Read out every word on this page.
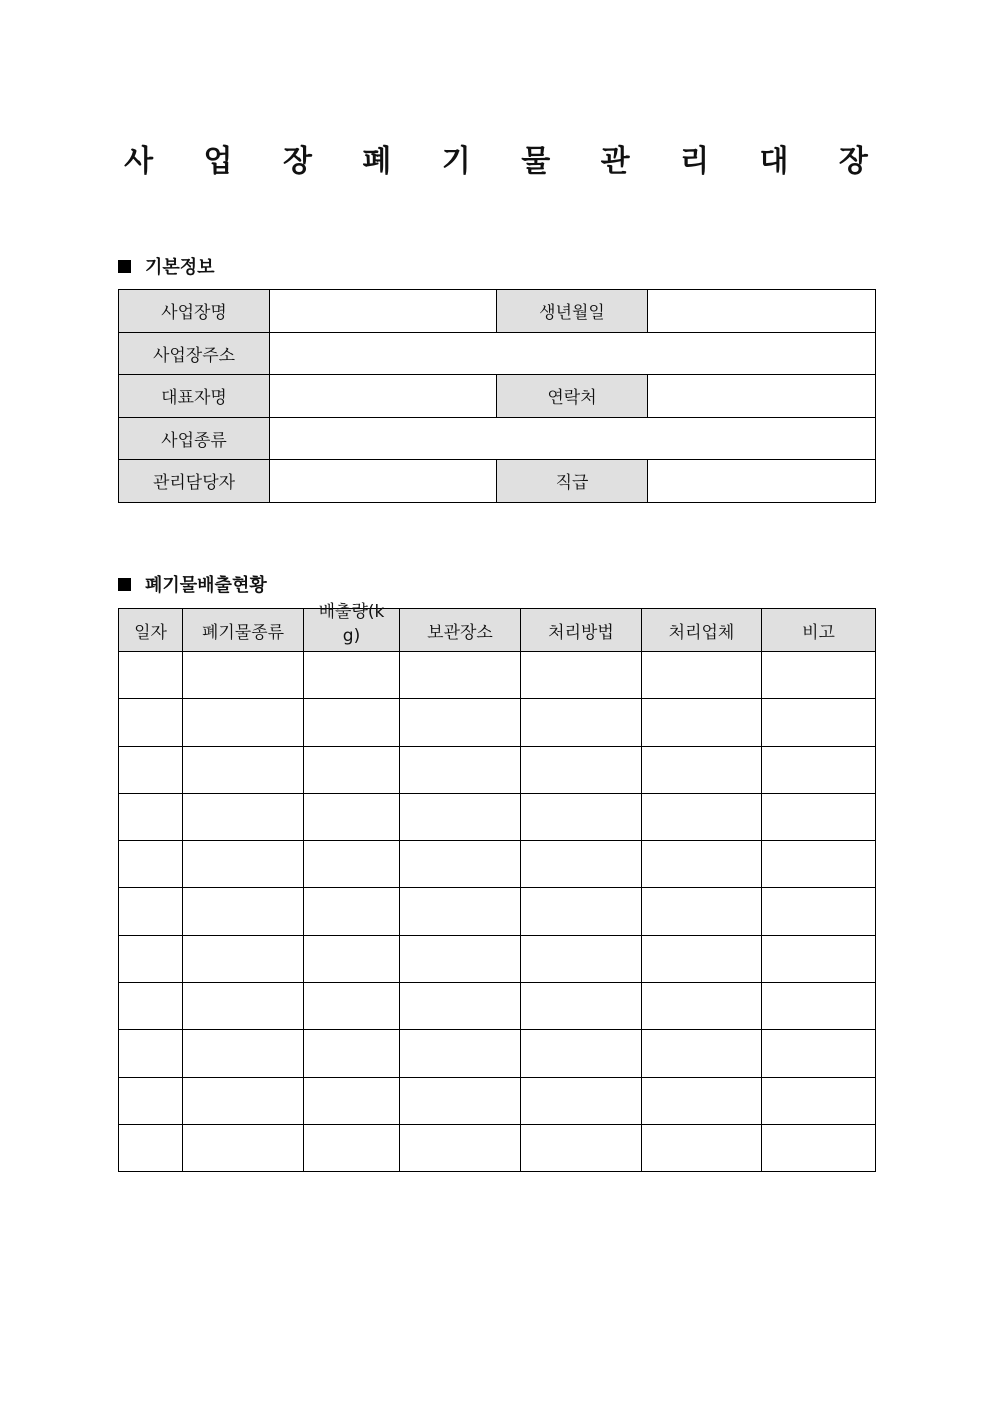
사 업 장 폐 기 물 관 리 대 장
기본정보
사업장명		생년월일	
사업장주소			
대표자명		연락처	
사업종류			
관리담당자		직급	
폐기물배출현황
일자	폐기물종류	배출량(kg)	보관장소	처리방법	처리업체	비고
